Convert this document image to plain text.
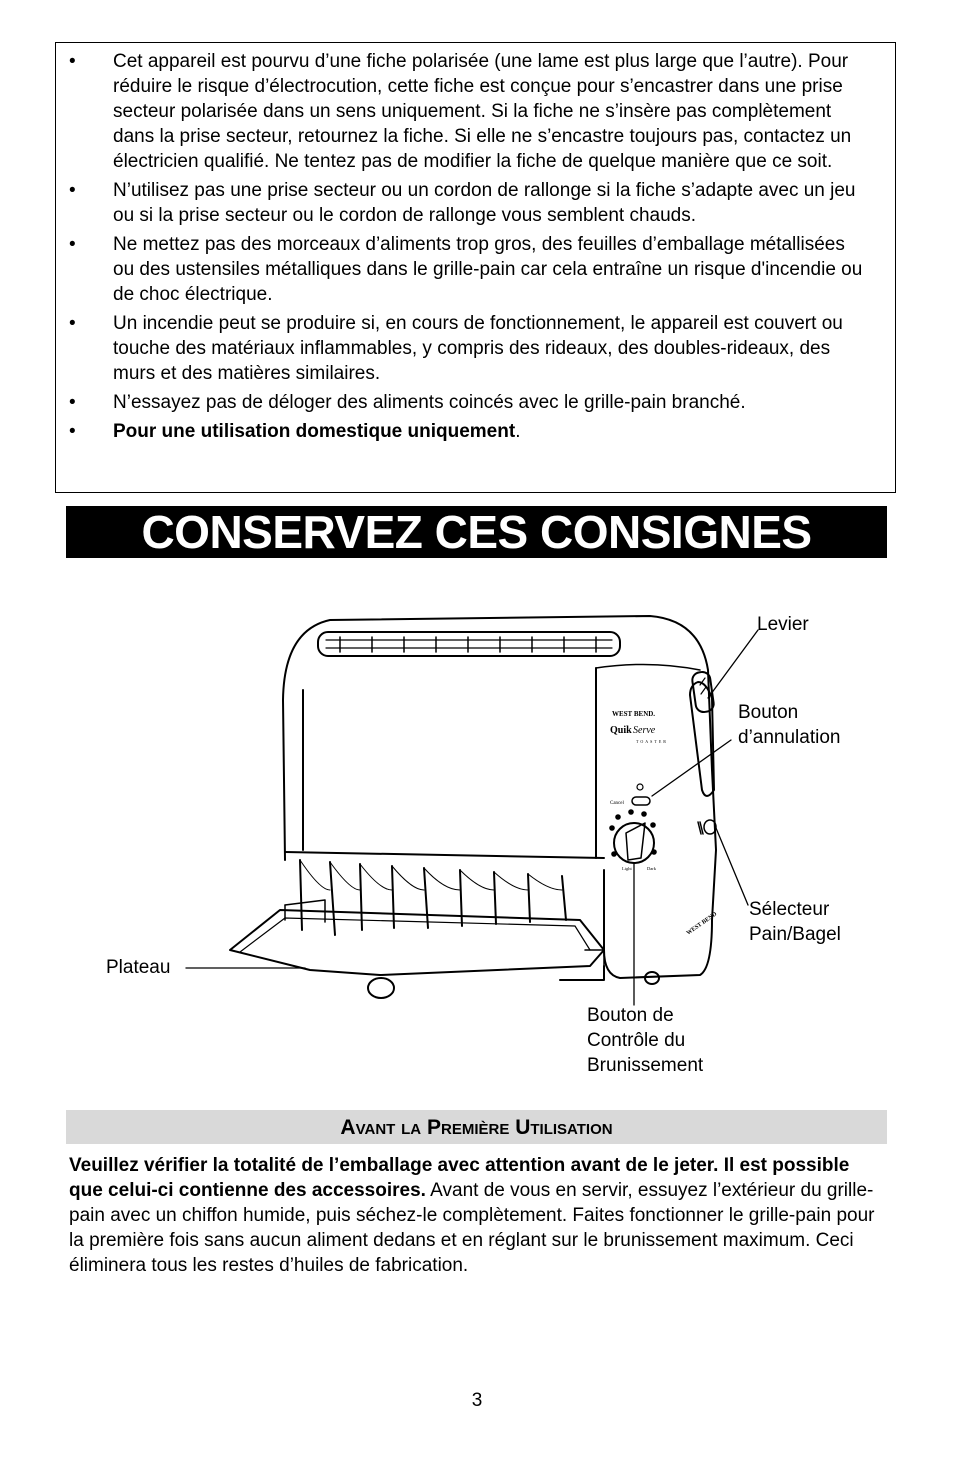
•	Cet appareil est pourvu d’une fiche polarisée (une lame est plus large que l’autre). Pour réduire le risque d’électrocution, cette fiche est conçue pour s’encastrer dans une prise secteur polarisée dans un sens uniquement. Si la fiche ne s’insère pas complètement dans la prise secteur, retournez la fiche. Si elle ne s’encastre toujours pas, contactez un électricien qualifié. Ne tentez pas de modifier la fiche de quelque manière que ce soit.
•	N’utilisez pas une prise secteur ou un cordon de rallonge si la fiche s’adapte avec un jeu ou si la prise secteur ou le cordon de rallonge vous semblent chauds.
•	Ne mettez pas des morceaux d’aliments trop gros, des feuilles d’emballage métallisées ou des ustensiles métalliques dans le grille-pain car cela entraîne un risque d'incendie ou de choc électrique.
•	Un incendie peut se produire si, en cours de fonctionnement, le appareil est couvert ou touche des matériaux inflammables, y compris des rideaux, des doubles-rideaux, des murs et des matières similaires.
•	N’essayez pas de déloger des aliments coincés avec le grille-pain branché.
•	Pour une utilisation domestique uniquement.
CONSERVEZ CES CONSIGNES
WEST BEND.
Quik Serve
TOASTER
Cancel
Light	Dark
WEST BEND
Levier
Bouton
d’annulation
Sélecteur
Pain/Bagel
Plateau
Bouton de
Contrôle du
Brunissement
Avant la Première Utilisation
Veuillez vérifier la totalité de l’emballage avec attention avant de le jeter. Il est possible que celui-ci contienne des accessoires. Avant de vous en servir, essuyez l’extérieur du grille-pain avec un chiffon humide, puis séchez-le complètement. Faites fonctionner le grille-pain pour la première fois sans aucun aliment dedans et en réglant sur le brunissement maximum. Ceci éliminera tous les restes d’huiles de fabrication.
3
